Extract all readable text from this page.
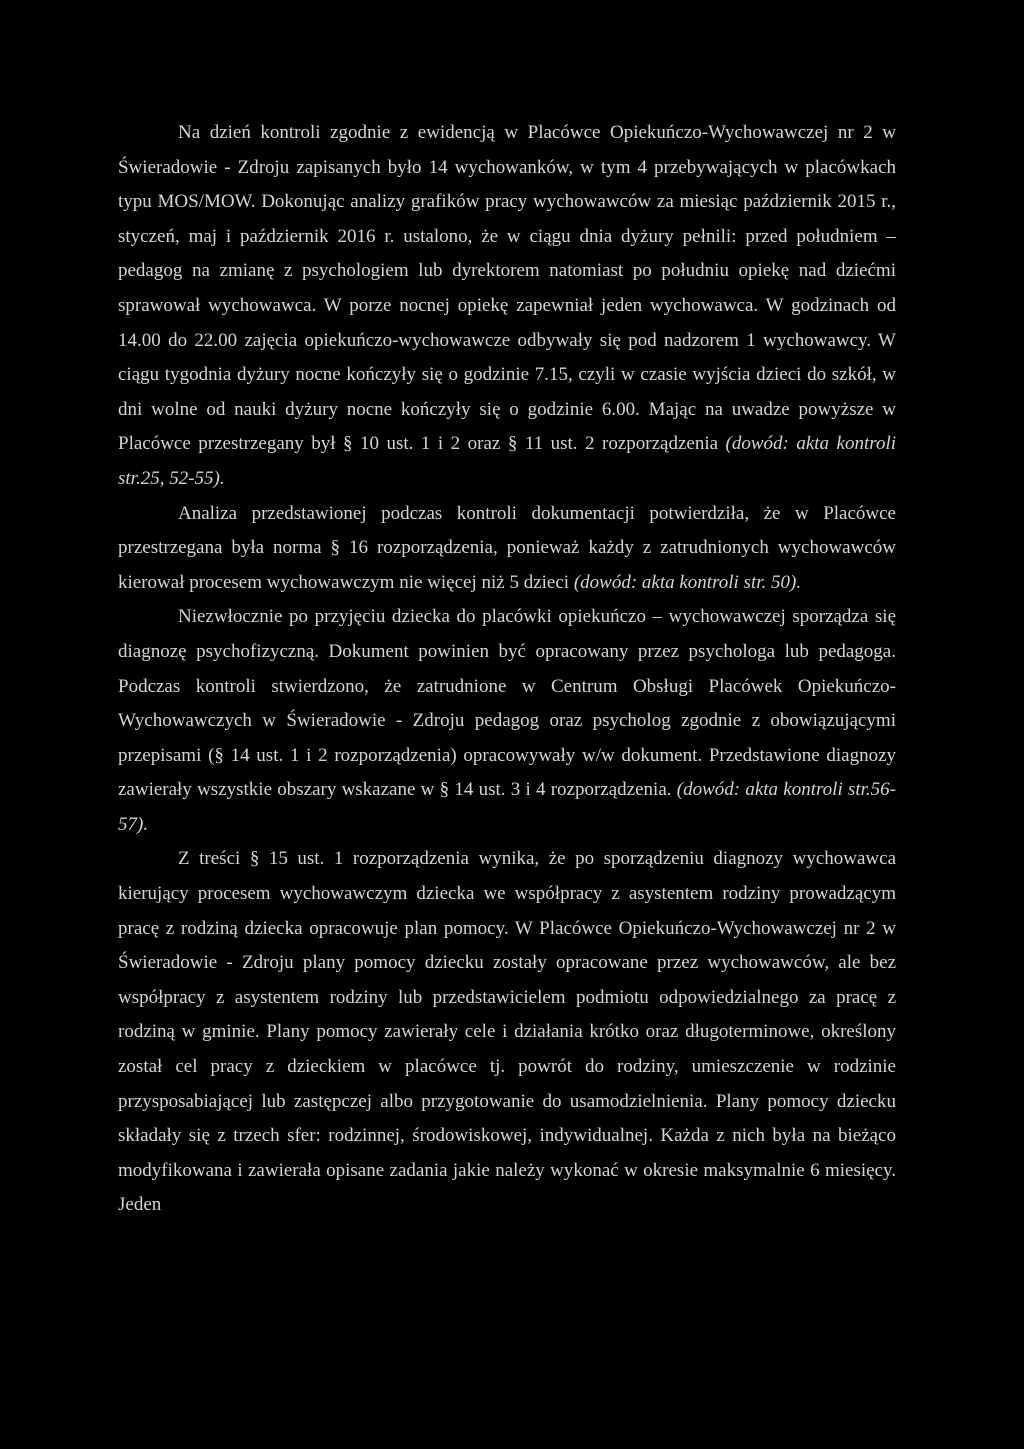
Na dzień kontroli zgodnie z ewidencją w Placówce Opiekuńczo-Wychowawczej nr 2 w Świeradowie - Zdroju zapisanych było 14 wychowanków, w tym 4 przebywających w placówkach typu MOS/MOW. Dokonując analizy grafików pracy wychowawców za miesiąc październik 2015 r., styczeń, maj i październik 2016 r. ustalono, że w ciągu dnia dyżury pełnili: przed południem – pedagog na zmianę z psychologiem lub dyrektorem natomiast po południu opiekę nad dziećmi sprawował wychowawca. W porze nocnej opiekę zapewniał jeden wychowawca. W godzinach od 14.00 do 22.00 zajęcia opiekuńczo-wychowawcze odbywały się pod nadzorem 1 wychowawcy. W ciągu tygodnia dyżury nocne kończyły się o godzinie 7.15, czyli w czasie wyjścia dzieci do szkół, w dni wolne od nauki dyżury nocne kończyły się o godzinie 6.00. Mając na uwadze powyższe w Placówce przestrzegany był § 10 ust. 1 i 2 oraz § 11 ust. 2 rozporządzenia (dowód: akta kontroli str.25, 52-55).

Analiza przedstawionej podczas kontroli dokumentacji potwierdziła, że w Placówce przestrzegana była norma § 16 rozporządzenia, ponieważ każdy z zatrudnionych wychowawców kierował procesem wychowawczym nie więcej niż 5 dzieci (dowód: akta kontroli str. 50).

Niezwłocznie po przyjęciu dziecka do placówki opiekuńczo – wychowawczej sporządza się diagnozę psychofizyczną. Dokument powinien być opracowany przez psychologa lub pedagoga. Podczas kontroli stwierdzono, że zatrudnione w Centrum Obsługi Placówek Opiekuńczo-Wychowawczych w Świeradowie - Zdroju pedagog oraz psycholog zgodnie z obowiązującymi przepisami (§ 14 ust. 1 i 2 rozporządzenia) opracowywały w/w dokument. Przedstawione diagnozy zawierały wszystkie obszary wskazane w § 14 ust. 3 i 4 rozporządzenia. (dowód: akta kontroli str.56-57).

Z treści § 15 ust. 1 rozporządzenia wynika, że po sporządzeniu diagnozy wychowawca kierujący procesem wychowawczym dziecka we współpracy z asystentem rodziny prowadzącym pracę z rodziną dziecka opracowuje plan pomocy. W Placówce Opiekuńczo-Wychowawczej nr 2 w Świeradowie - Zdroju plany pomocy dziecku zostały opracowane przez wychowawców, ale bez współpracy z asystentem rodziny lub przedstawicielem podmiotu odpowiedzialnego za pracę z rodziną w gminie. Plany pomocy zawierały cele i działania krótko oraz długoterminowe, określony został cel pracy z dzieckiem w placówce tj. powrót do rodziny, umieszczenie w rodzinie przysposabiającej lub zastępczej albo przygotowanie do usamodzielnienia. Plany pomocy dziecku składały się z trzech sfer: rodzinnej, środowiskowej, indywidualnej. Każda z nich była na bieżąco modyfikowana i zawierała opisane zadania jakie należy wykonać w okresie maksymalnie 6 miesięcy. Jeden
